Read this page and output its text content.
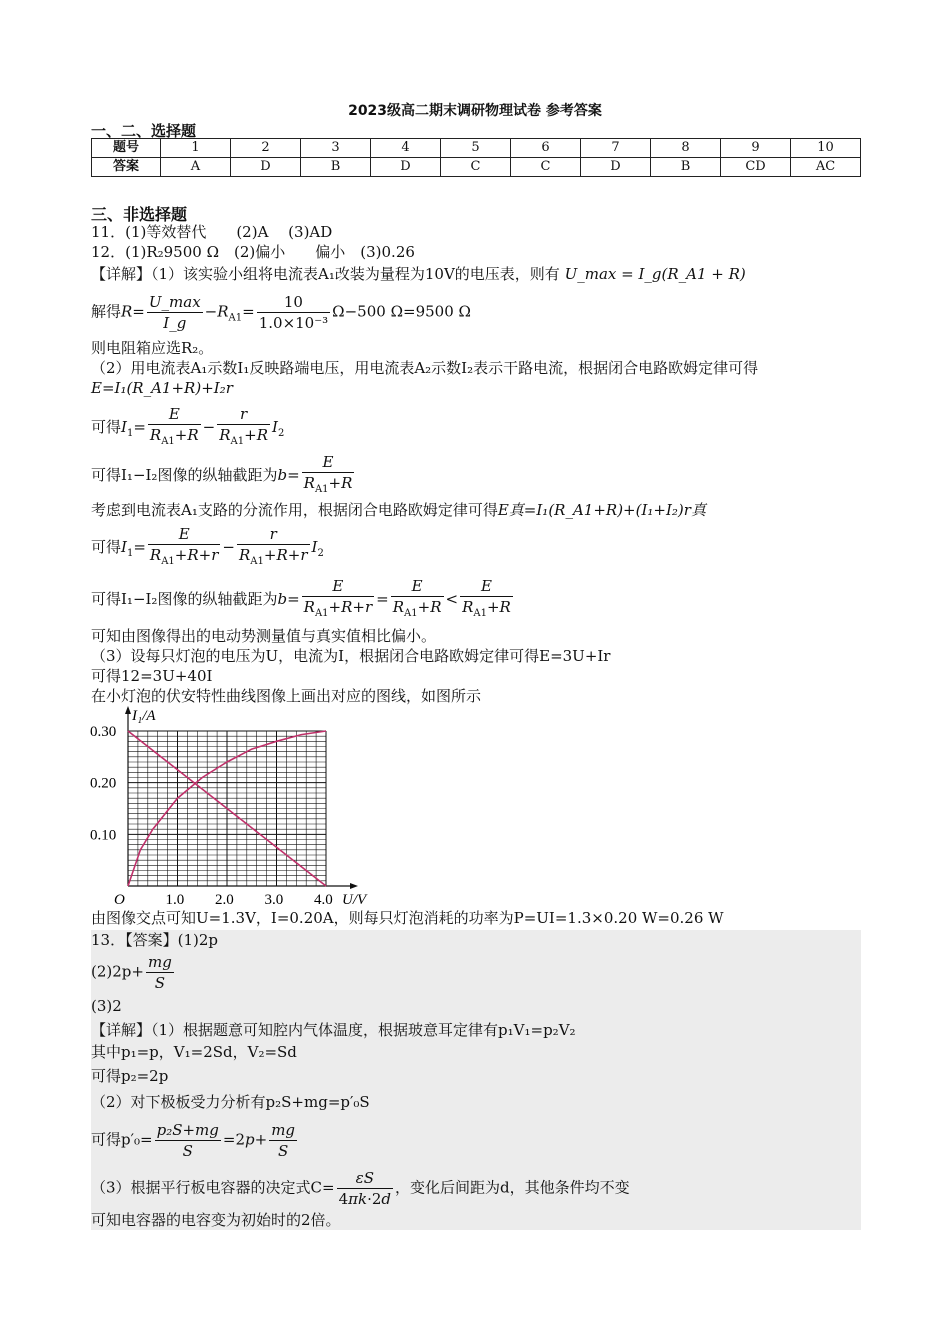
2023级高二期末调研物理试卷 参考答案
一、二、选择题
题号	1	2	3	4	5	6	7	8	9	10
答案	A	D	B	D	C	C	D	B	CD	AC
三、非选择题
11．(1)等效替代　　(2)A　 (3)AD
12．(1)R₂9500 Ω　(2)偏小　　偏小　(3)0.26
【详解】（1）该实验小组将电流表A₁改装为量程为10V的电压表，则有 U_max = I_g(R_A1 + R)
解得$R= \frac{U\_\max}{I\_g} -R_{A1}= \frac{10}{\text{1.0×10⁻³}} \Omega-500$ Ω=9500 Ω
则电阻箱应选R₂。
（2）用电流表A₁示数I₁反映路端电压，用电流表A₂示数I₂表示干路电流，根据闭合电路欧姆定律可得
E=I₁(R_A1+R)+I₂r
可得$I_1= \frac{E}{R_{A1}+R} - \frac{r}{R_{A1}+R} I_2$
可得I₁−I₂图像的纵轴截距为$b= \frac{E}{R_{A1}+R}$
考虑到电流表A₁支路的分流作用，根据闭合电路欧姆定律可得E真=I₁(R_A1+R)+(I₁+I₂)r真
可得$I_1= \frac{E}{R_{A1}+R+r} - \frac{r}{R_{A1}+R+r} I_2$
可得I₁−I₂图像的纵轴截距为$b= \frac{E}{R_{A1}+R+r} = \frac{E}{R_{A1}+R} < \frac{E}{R_{A1}+R}$
可知由图像得出的电动势测量值与真实值相比偏小。
（3）设每只灯泡的电压为U，电流为I，根据闭合电路欧姆定律可得E=3U+Ir
可得12=3U+40I
在小灯泡的伏安特性曲线图像上画出对应的图线，如图所示
1.0 2.0 3.0 4.0
0.10
0.20
0.30
I₁/A
U/V
O
由图像交点可知U=1.3V，I=0.20A，则每只灯泡消耗的功率为P=UI=1.3×0.20 W=0.26 W
13．【答案】(1)2p
$(2)2p+ \frac{mg}{S}$
(3)2
【详解】（1）根据题意可知腔内气体温度，根据玻意耳定律有p₁V₁=p₂V₂
其中p₁=p，V₁=2Sd，V₂=Sd
可得p₂=2p
（2）对下极板受力分析有p₂S+mg=p′₀S
可得$p'_0= \frac{\text{p₂S+mg}}{S} =2p+ \frac{mg}{S}$
（3）根据平行板电容器的决定式$C= \frac{\varepsilon S}{4\pi k\cdot 2d}$ ，变化后间距为d，其他条件均不变
可知电容器的电容变为初始时的2倍。
